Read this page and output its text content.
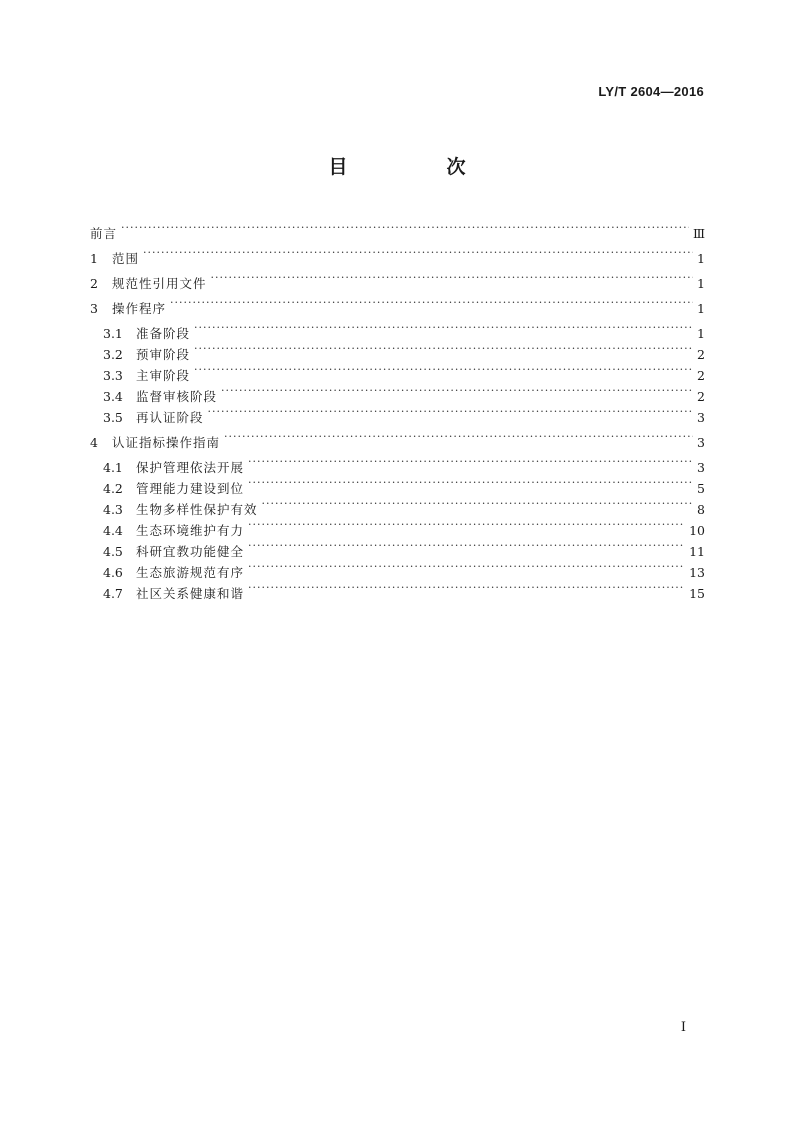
LY/T 2604—2016
目　次
前言 ·····	Ⅲ
1	范围 ·····	1
2	规范性引用文件 ·····	1
3	操作程序 ·····	1
3.1	准备阶段 ·····	1
3.2	预审阶段 ·····	2
3.3	主审阶段 ·····	2
3.4	监督审核阶段 ·····	2
3.5	再认证阶段 ·····	3
4	认证指标操作指南 ·····	3
4.1	保护管理依法开展 ·····	3
4.2	管理能力建设到位 ·····	5
4.3	生物多样性保护有效 ·····	8
4.4	生态环境维护有力 ·····	10
4.5	科研宜教功能健全 ·····	11
4.6	生态旅游规范有序 ·····	13
4.7	社区关系健康和谐 ·····	15
I
